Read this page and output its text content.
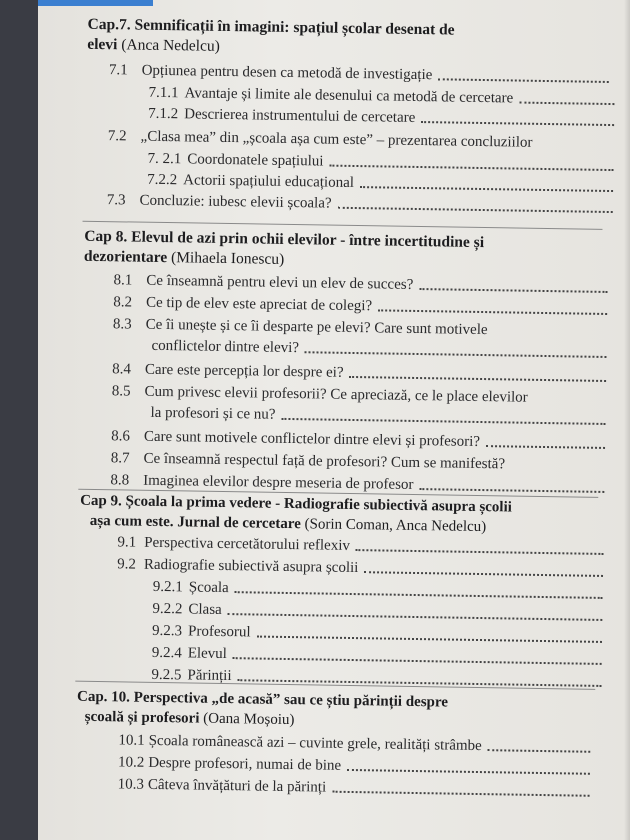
Cap.7. Semnificații în imagini: spațiul școlar desenat de
elevi (Anca Nedelcu)
7.1 Opțiunea pentru desen ca metodă de investigație
7.1.1 Avantaje și limite ale desenului ca metodă de cercetare
7.1.2 Descrierea instrumentului de cercetare
7.2 „Clasa mea” din „școala așa cum este” – prezentarea concluziilor
7. 2.1 Coordonatele spațiului
7.2.2 Actorii spațiului educațional
7.3 Concluzie: iubesc elevii școala?
Cap 8. Elevul de azi prin ochii elevilor - între incertitudine și
dezorientare (Mihaela Ionescu)
8.1 Ce înseamnă pentru elevi un elev de succes?
8.2 Ce tip de elev este apreciat de colegi?
8.3 Ce îi unește și ce îi desparte pe elevi? Care sunt motivele
conflictelor dintre elevi?
8.4 Care este percepția lor despre ei?
8.5 Cum privesc elevii profesorii? Ce apreciază, ce le place elevilor
la profesori și ce nu?
8.6 Care sunt motivele conflictelor dintre elevi și profesori?
8.7 Ce înseamnă respectul față de profesori? Cum se manifestă?
8.8 Imaginea elevilor despre meseria de profesor
Cap 9. Școala la prima vedere - Radiografie subiectivă asupra școlii
așa cum este. Jurnal de cercetare (Sorin Coman, Anca Nedelcu)
9.1 Perspectiva cercetătorului reflexiv
9.2 Radiografie subiectivă asupra școlii
9.2.1 Școala
9.2.2 Clasa
9.2.3 Profesorul
9.2.4 Elevul
9.2.5 Părinții
Cap. 10. Perspectiva „de acasă” sau ce știu părinții despre
școală și profesori (Oana Moșoiu)
10.1 Școala românească azi – cuvinte grele, realități strâmbe
10.2 Despre profesori, numai de bine
10.3 Câteva învățături de la părinți
